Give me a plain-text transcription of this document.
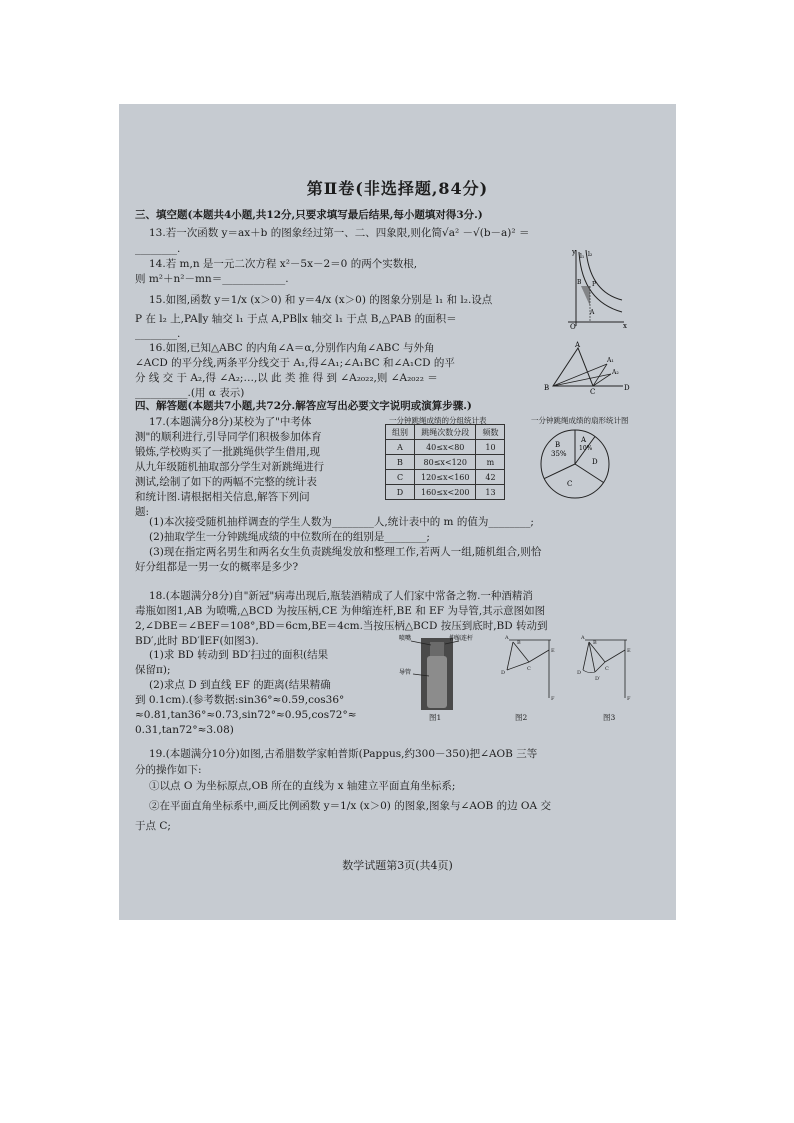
第Ⅱ卷(非选择题,84分)
三、填空题(本题共4小题,共12分,只要求填写最后结果,每小题填对得3分.)
13.若一次函数 y＝ax＋b 的图象经过第一、二、四象限,则化简√a² －√(b－a)² ＝
________.
14.若 m,n 是一元二次方程 x²－5x－2＝0 的两个实数根,
则 m²＋n²－mn＝____________.
15.如图,函数 y＝1/x (x＞0) 和 y＝4/x (x＞0) 的图象分别是 l₁ 和 l₂.设点
P 在 l₂ 上,PA∥y 轴交 l₁ 于点 A,PB∥x 轴交 l₁ 于点 B,△PAB 的面积＝
________.
16.如图,已知△ABC 的内角∠A＝α,分别作内角∠ABC 与外角
∠ACD 的平分线,两条平分线交于 A₁,得∠A₁;∠A₁BC 和∠A₁CD 的平
分 线 交 于 A₂,得 ∠A₂;…,以 此 类 推 得 到 ∠A₂₀₂₂,则 ∠A₂₀₂₂ ＝
__________.(用 α 表示)
y
x
O
l₁ l₂
P
A
B
A
A₁
A₂
B	C	D
四、解答题(本题共7小题,共72分.解答应写出必要文字说明或演算步骤.)
17.(本题满分8分)某校为了"中考体
测"的顺利进行,引导同学们积极参加体育
锻炼,学校购买了一批跳绳供学生借用,现
从九年级随机抽取部分学生对新跳绳进行
测试,绘制了如下的两幅不完整的统计表
和统计图.请根据相关信息,解答下列问
题:
一分钟跳绳成绩的分组统计表
组别	跳绳次数分段	频数
A	40≤x<80	10
B	80≤x<120	m
C	120≤x<160	42
D	160≤x<200	13
一分钟跳绳成绩的扇形统计图
B
35%
A
10%
D
C
(1)本次接受随机抽样调查的学生人数为________人,统计表中的 m 的值为________;
(2)抽取学生一分钟跳绳成绩的中位数所在的组别是________;
(3)现在指定两名男生和两名女生负责跳绳发放和整理工作,若两人一组,随机组合,则恰
好分组都是一男一女的概率是多少?
18.(本题满分8分)自"新冠"病毒出现后,瓶装酒精成了人们家中常备之物.一种酒精消
毒瓶如图1,AB 为喷嘴,△BCD 为按压柄,CE 为伸缩连杆,BE 和 EF 为导管,其示意图如图
2,∠DBE＝∠BEF＝108°,BD＝6cm,BE＝4cm.当按压柄△BCD 按压到底时,BD 转动到
BD′,此时 BD′∥EF(如图3).
(1)求 BD 转动到 BD′扫过的面积(结果
保留π);
(2)求点 D 到直线 EF 的距离(结果精确
到 0.1cm).(参考数据:sin36°≈0.59,cos36°
≈0.81,tan36°≈0.73,sin72°≈0.95,cos72°≈
0.31,tan72°≈3.08)
喷嘴	伸缩连杆
导管
图1
A
B
E
C
D
F
图2
A
B
E
C
D
D′
F
图3
19.(本题满分10分)如图,古希腊数学家帕普斯(Pappus,约300－350)把∠AOB 三等
分的操作如下:
①以点 O 为坐标原点,OB 所在的直线为 x 轴建立平面直角坐标系;
②在平面直角坐标系中,画反比例函数 y＝1/x (x＞0) 的图象,图象与∠AOB 的边 OA 交
于点 C;
数学试题第3页(共4页)
